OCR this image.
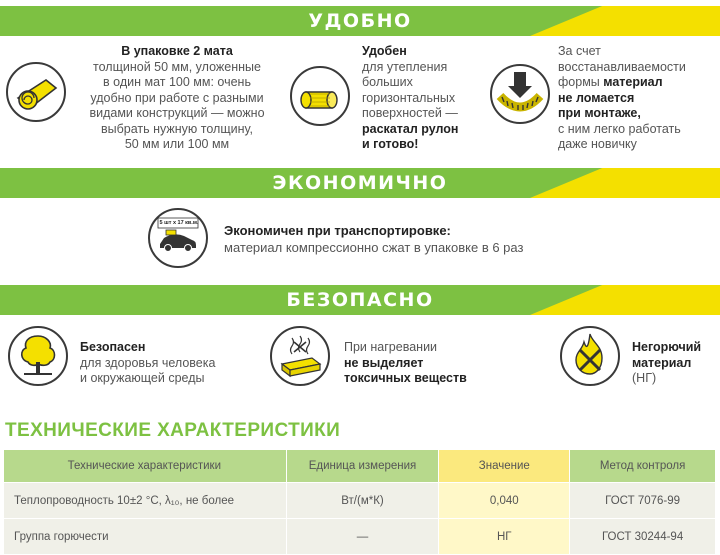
УДОБНО
В упаковке 2 мата
толщиной 50 мм, уложенные
в один мат 100 мм: очень
удобно при работе с разными
видами конструкций — можно
выбрать нужную толщину,
50 мм или 100 мм
Удобен
для утепления
больших
горизонтальных
поверхностей —
раскатал рулон
и готово!
За счет
восстанавливаемости
формы материал
не ломается
при монтаже,
с ним легко работать
даже новичку
ЭКОНОМИЧНО
5 шт х 17 кв.м. Экономичен при транспортировке:
материал компрессионно сжат в упаковке в 6 раз
БЕЗОПАСНО
Безопасен
для здоровья человека
и окружающей среды
При нагревании
не выделяет
токсичных веществ
Негорючий
материал
(НГ)
ТЕХНИЧЕСКИЕ ХАРАКТЕРИСТИКИ
Технические характеристики	Единица измерения	Значение	Метод контроля
Теплопроводность 10±2 °С, λ₁₀, не более	Вт/(м*К)	0,040	ГОСТ 7076-99
Группа горючести	—	НГ	ГОСТ 30244-94
